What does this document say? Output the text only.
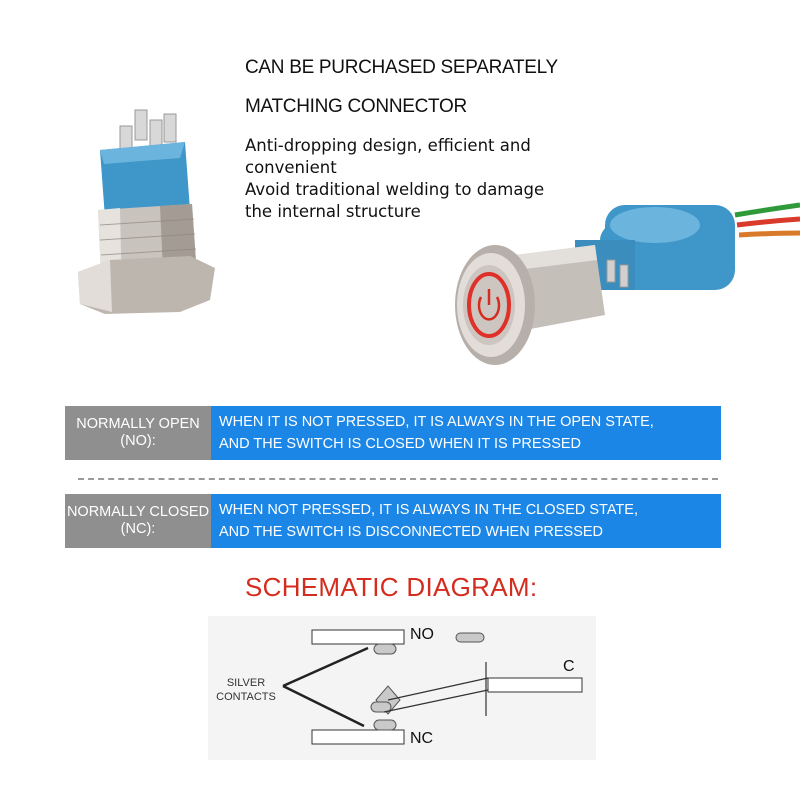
CAN BE PURCHASED SEPARATELY
MATCHING CONNECTOR
Anti-dropping design, efficient and
convenient
Avoid traditional welding to damage
the internal structure
NORMALLY OPEN
(NO):
WHEN IT IS NOT PRESSED, IT IS ALWAYS IN THE OPEN STATE,
AND THE SWITCH IS CLOSED WHEN IT IS PRESSED
NORMALLY CLOSED
(NC):
WHEN NOT PRESSED, IT IS ALWAYS IN THE CLOSED STATE,
AND THE SWITCH IS DISCONNECTED WHEN PRESSED
SCHEMATIC DIAGRAM:
NO
NC
C
SILVER
CONTACTS
